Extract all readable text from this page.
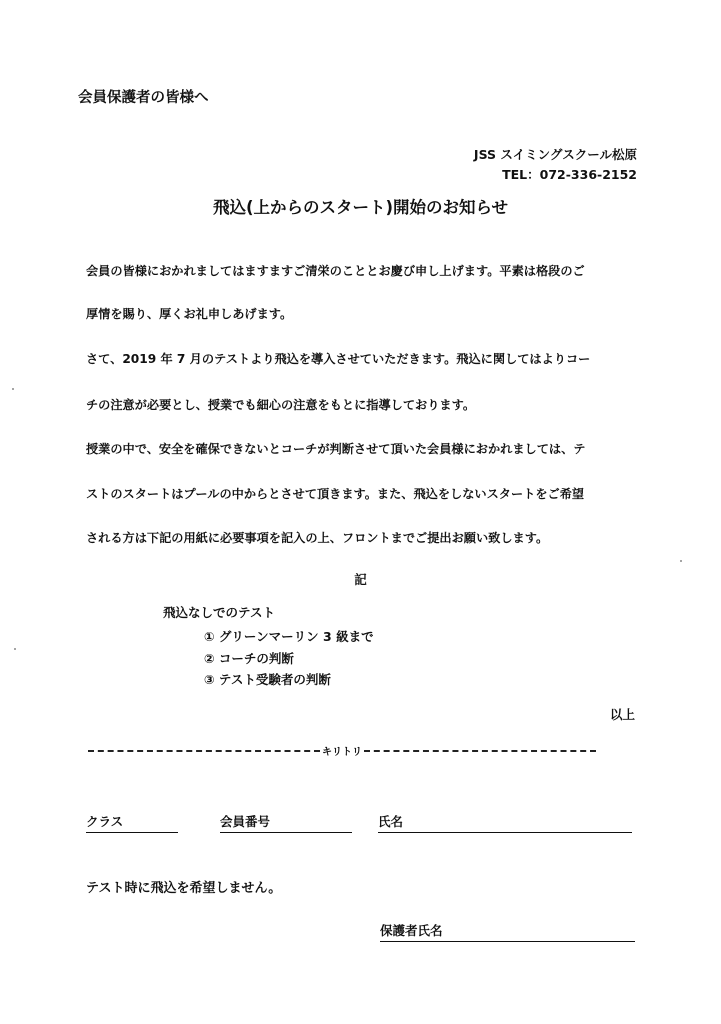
会員保護者の皆様へ
JSS スイミングスクール松原
TEL：072-336-2152
飛込(上からのスタート)開始のお知らせ
会員の皆様におかれましてはますますご清栄のこととお慶び申し上げます。平素は格段のご
厚情を賜り、厚くお礼申しあげます。
さて、2019 年 7 月のテストより飛込を導入させていただきます。飛込に関してはよりコー
チの注意が必要とし、授業でも細心の注意をもとに指導しております。
授業の中で、安全を確保できないとコーチが判断させて頂いた会員様におかれましては、テ
ストのスタートはプールの中からとさせて頂きます。また、飛込をしないスタートをご希望
される方は下記の用紙に必要事項を記入の上、フロントまでご提出お願い致します。
記
飛込なしでのテスト
① グリーンマーリン 3 級まで
② コーチの判断
③ テスト受験者の判断
以上
キリトリ
クラス	会員番号	氏名
テスト時に飛込を希望しません。
保護者氏名
